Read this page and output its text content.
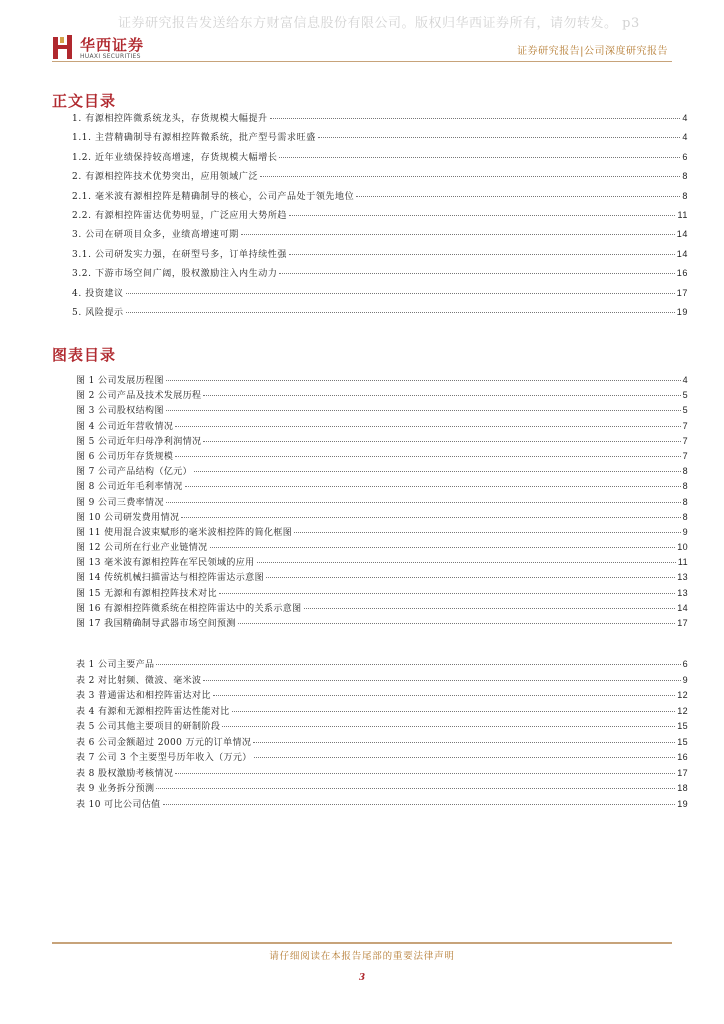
证券研究报告发送给东方财富信息股份有限公司。版权归华西证券所有，请勿转发。 p3
华西证券
HUAXI SECURITIES	证券研究报告|公司深度研究报告
正文目录
1. 有源相控阵微系统龙头，存货规模大幅提升	4
1.1. 主营精确制导有源相控阵微系统，批产型号需求旺盛	4
1.2. 近年业绩保持较高增速，存货规模大幅增长	6
2. 有源相控阵技术优势突出，应用领域广泛	8
2.1. 毫米波有源相控阵是精确制导的核心，公司产品处于领先地位	8
2.2. 有源相控阵雷达优势明显，广泛应用大势所趋	11
3. 公司在研项目众多，业绩高增速可期	14
3.1. 公司研发实力强，在研型号多，订单持续性强	14
3.2. 下游市场空间广阔，股权激励注入内生动力	16
4. 投资建议	17
5. 风险提示	19
图表目录
图 1 公司发展历程图	4
图 2 公司产品及技术发展历程	5
图 3 公司股权结构图	5
图 4 公司近年营收情况	7
图 5 公司近年归母净利润情况	7
图 6 公司历年存货规模	7
图 7 公司产品结构（亿元）	8
图 8 公司近年毛利率情况	8
图 9 公司三费率情况	8
图 10 公司研发费用情况	8
图 11 使用混合波束赋形的毫米波相控阵的简化框图	9
图 12 公司所在行业产业链情况	10
图 13 毫米波有源相控阵在军民领域的应用	11
图 14 传统机械扫描雷达与相控阵雷达示意图	13
图 15 无源和有源相控阵技术对比	13
图 16 有源相控阵微系统在相控阵雷达中的关系示意图	14
图 17 我国精确制导武器市场空间预测	17
表 1 公司主要产品	6
表 2 对比射频、微波、毫米波	9
表 3 普通雷达和相控阵雷达对比	12
表 4 有源和无源相控阵雷达性能对比	12
表 5 公司其他主要项目的研制阶段	15
表 6 公司金额超过 2000 万元的订单情况	15
表 7 公司 3 个主要型号历年收入（万元）	16
表 8 股权激励考核情况	17
表 9 业务拆分预测	18
表 10 可比公司估值	19
请仔细阅读在本报告尾部的重要法律声明
3
